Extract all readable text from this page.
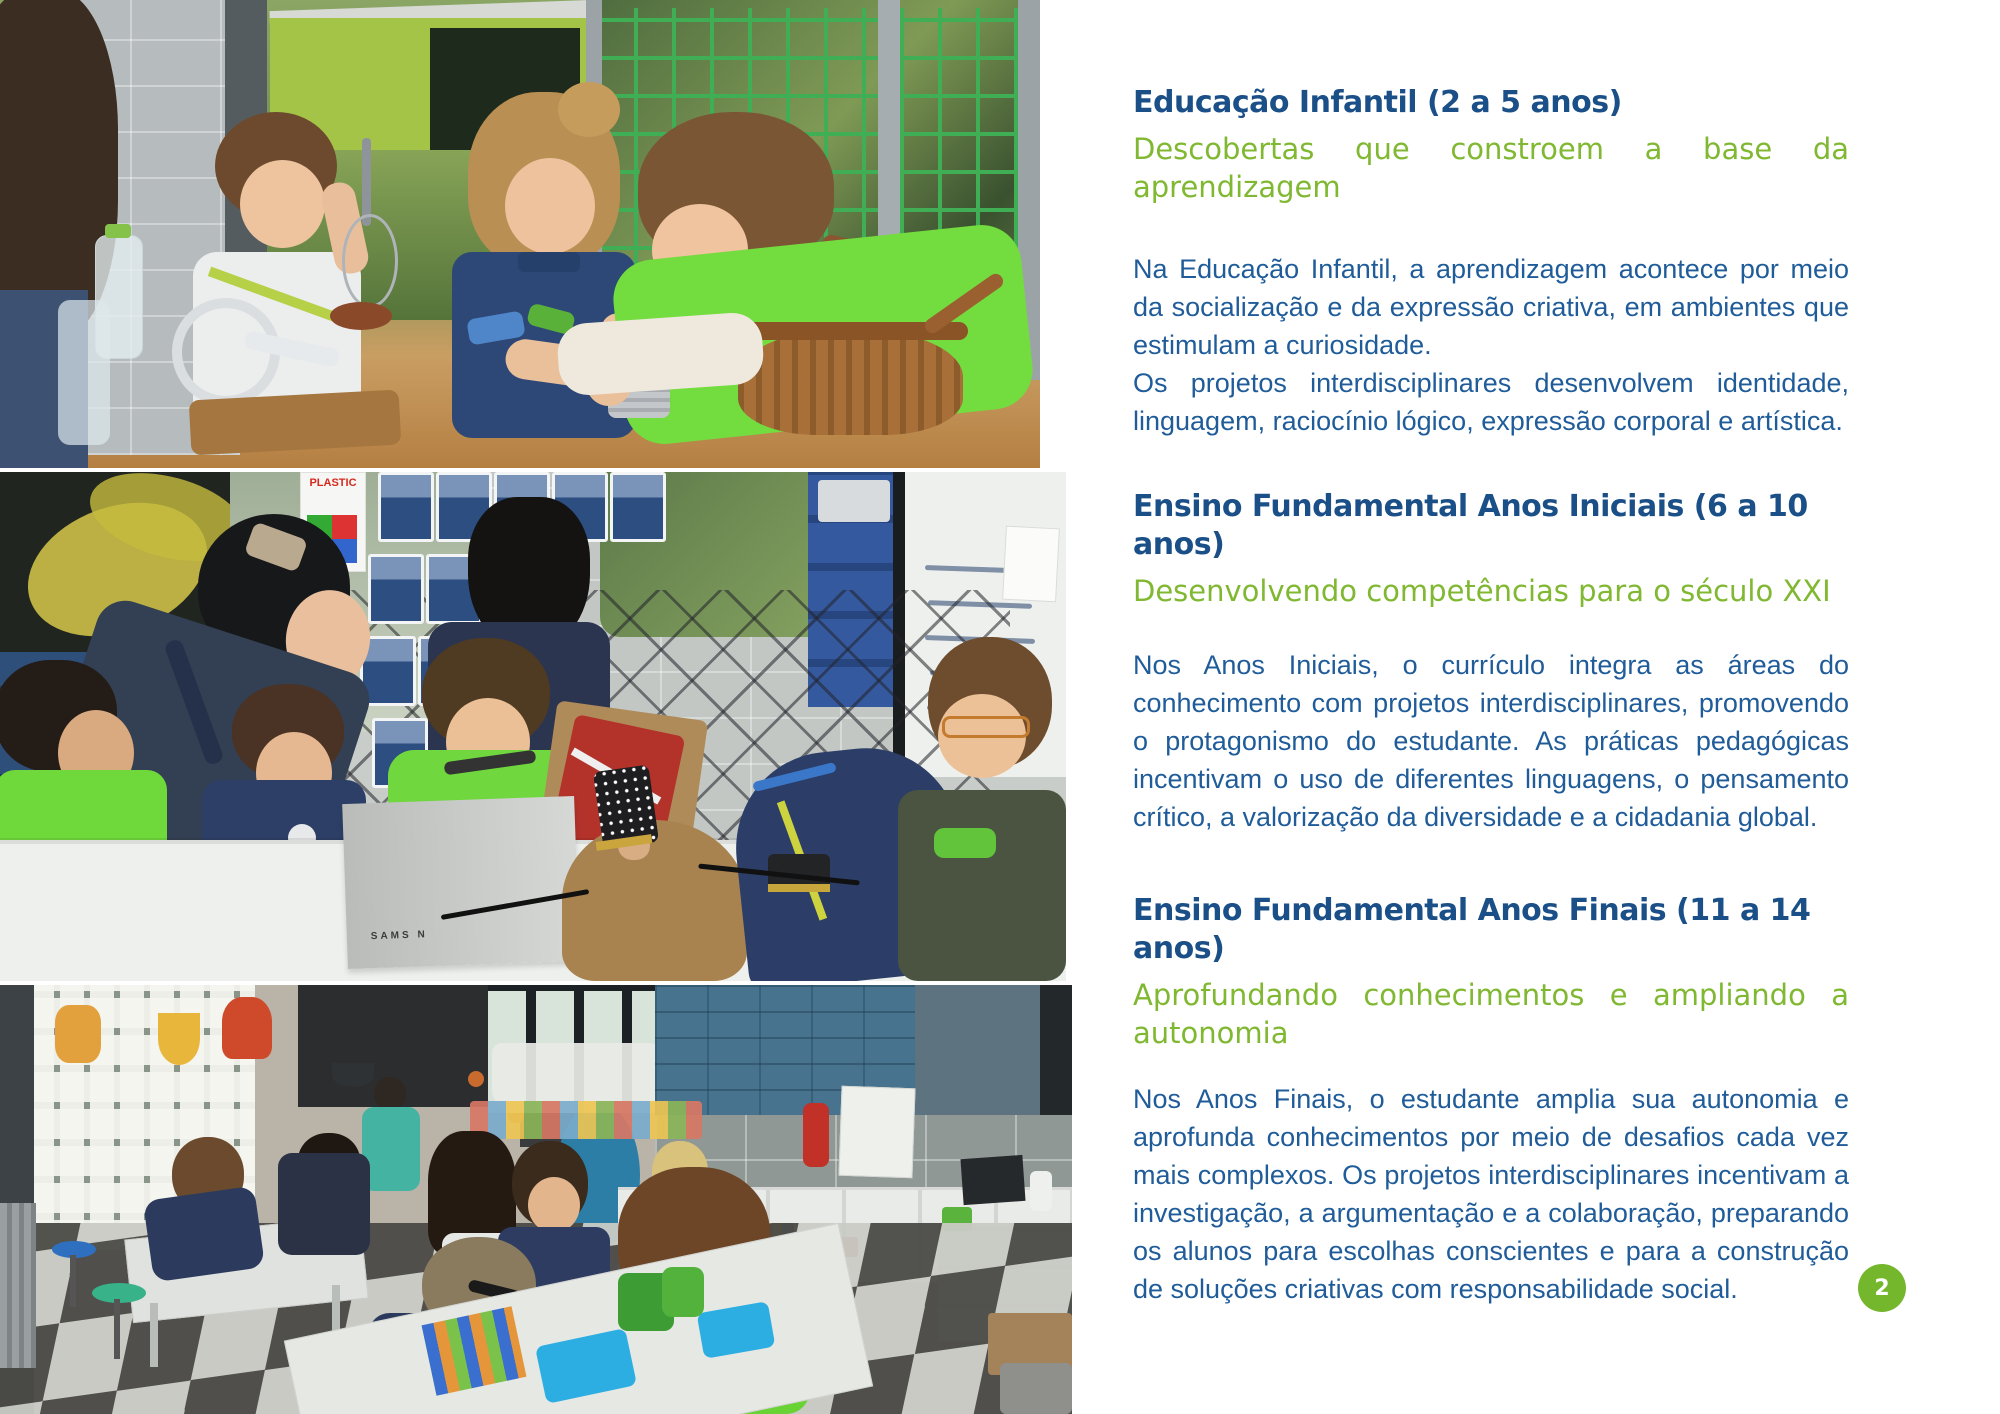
PLASTIC
SAMS N
Educação Infantil (2 a 5 anos)

Descobertas que constroem a base da aprendizagem

Na Educação Infantil, a aprendizagem acontece por meio da socialização e da expressão criativa, em ambientes que estimulam a curiosidade.

Os projetos interdisciplinares desenvolvem identidade, linguagem, raciocínio lógico, expressão corporal e artística.

Ensino Fundamental Anos Iniciais (6 a 10 anos)

Desenvolvendo competências para o século XXI

Nos Anos Iniciais, o currículo integra as áreas do conhecimento com projetos interdisciplinares, promovendo o protagonismo do estudante. As práticas pedagógicas incentivam o uso de diferentes linguagens, o pensamento crítico, a valorização da diversidade e a cidadania global.

Ensino Fundamental Anos Finais (11 a 14 anos)

Aprofundando conhecimentos e ampliando a autonomia

Nos Anos Finais, o estudante amplia sua autonomia e aprofunda conhecimentos por meio de desafios cada vez mais complexos. Os projetos interdisciplinares incentivam a investigação, a argumentação e a colaboração, preparando os alunos para escolhas conscientes e para a construção de soluções criativas com responsabilidade social.	2
